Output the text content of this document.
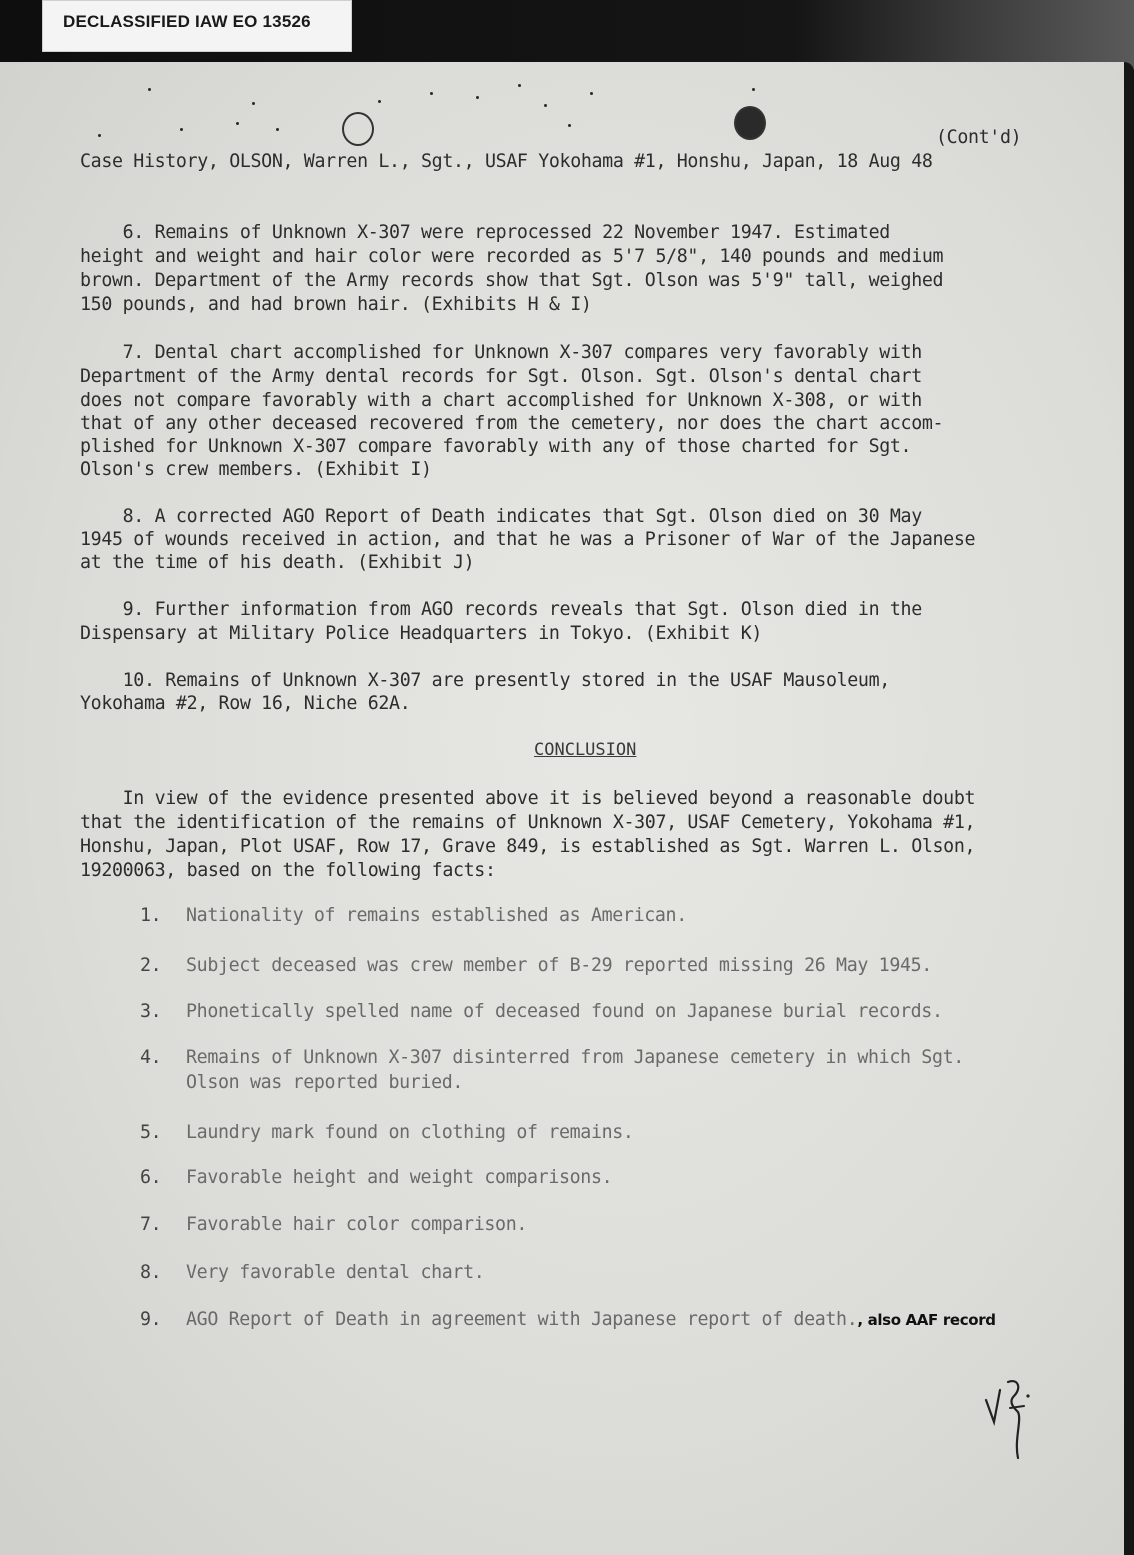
DECLASSIFIED IAW EO 13526
(Cont'd)
Case History, OLSON, Warren L., Sgt., USAF Yokohama #1, Honshu, Japan, 18 Aug 48
6. Remains of Unknown X-307 were reprocessed 22 November 1947. Estimated
height and weight and hair color were recorded as 5'7 5/8", 140 pounds and medium
brown. Department of the Army records show that Sgt. Olson was 5'9" tall, weighed
150 pounds, and had brown hair. (Exhibits H & I)
7. Dental chart accomplished for Unknown X-307 compares very favorably with
Department of the Army dental records for Sgt. Olson. Sgt. Olson's dental chart
does not compare favorably with a chart accomplished for Unknown X-308, or with
that of any other deceased recovered from the cemetery, nor does the chart accom-
plished for Unknown X-307 compare favorably with any of those charted for Sgt.
Olson's crew members. (Exhibit I)
8. A corrected AGO Report of Death indicates that Sgt. Olson died on 30 May
1945 of wounds received in action, and that he was a Prisoner of War of the Japanese
at the time of his death. (Exhibit J)
9. Further information from AGO records reveals that Sgt. Olson died in the
Dispensary at Military Police Headquarters in Tokyo. (Exhibit K)
10. Remains of Unknown X-307 are presently stored in the USAF Mausoleum,
Yokohama #2, Row 16, Niche 62A.
CONCLUSION
In view of the evidence presented above it is believed beyond a reasonable doubt
that the identification of the remains of Unknown X-307, USAF Cemetery, Yokohama #1,
Honshu, Japan, Plot USAF, Row 17, Grave 849, is established as Sgt. Warren L. Olson,
19200063, based on the following facts:
1. Nationality of remains established as American.
2. Subject deceased was crew member of B-29 reported missing 26 May 1945.
3. Phonetically spelled name of deceased found on Japanese burial records.
4. Remains of Unknown X-307 disinterred from Japanese cemetery in which Sgt.
Olson was reported buried.
5. Laundry mark found on clothing of remains.
6. Favorable height and weight comparisons.
7. Favorable hair color comparison.
8. Very favorable dental chart.
9. AGO Report of Death in agreement with Japanese report of death., also AAF record
